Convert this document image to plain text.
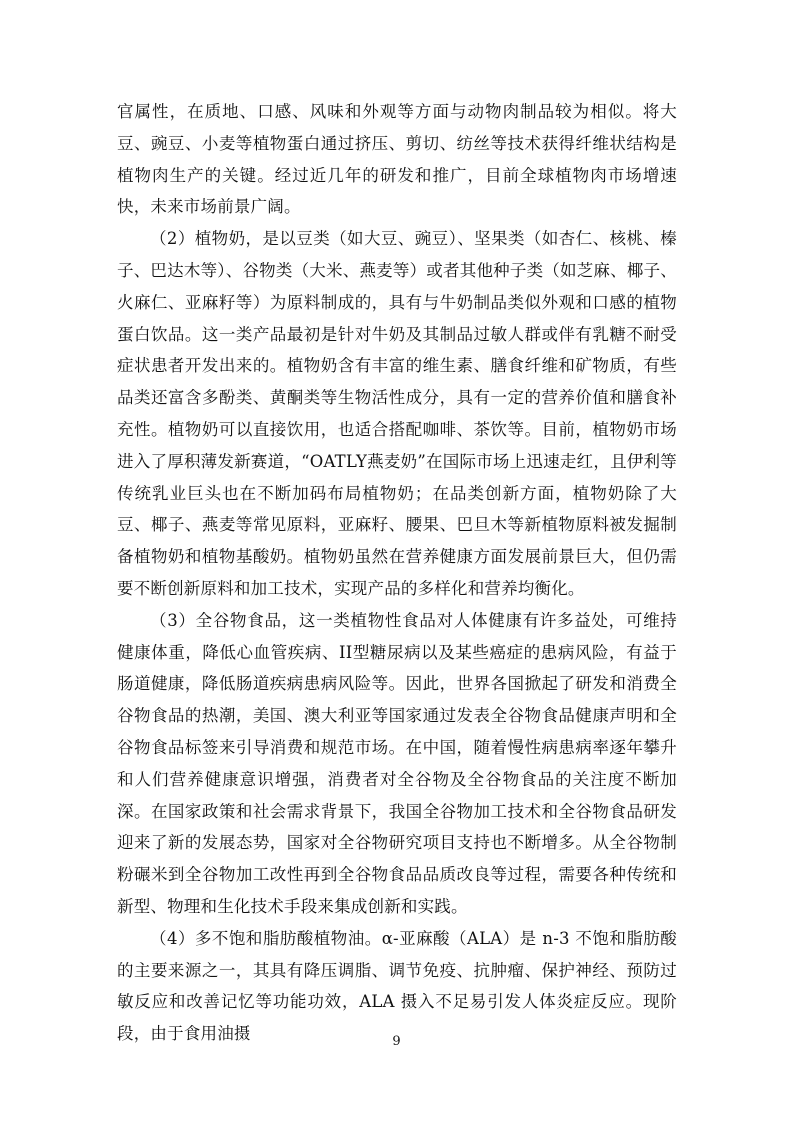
官属性，在质地、口感、风味和外观等方面与动物肉制品较为相似。将大豆、豌豆、小麦等植物蛋白通过挤压、剪切、纺丝等技术获得纤维状结构是植物肉生产的关键。经过近几年的研发和推广，目前全球植物肉市场增速快，未来市场前景广阔。

（2）植物奶，是以豆类（如大豆、豌豆）、坚果类（如杏仁、核桃、榛子、巴达木等）、谷物类（大米、燕麦等）或者其他种子类（如芝麻、椰子、火麻仁、亚麻籽等）为原料制成的，具有与牛奶制品类似外观和口感的植物蛋白饮品。这一类产品最初是针对牛奶及其制品过敏人群或伴有乳糖不耐受症状患者开发出来的。植物奶含有丰富的维生素、膳食纤维和矿物质，有些品类还富含多酚类、黄酮类等生物活性成分，具有一定的营养价值和膳食补充性。植物奶可以直接饮用，也适合搭配咖啡、茶饮等。目前，植物奶市场进入了厚积薄发新赛道，“OATLY燕麦奶”在国际市场上迅速走红，且伊利等传统乳业巨头也在不断加码布局植物奶；在品类创新方面，植物奶除了大豆、椰子、燕麦等常见原料，亚麻籽、腰果、巴旦木等新植物原料被发掘制备植物奶和植物基酸奶。植物奶虽然在营养健康方面发展前景巨大，但仍需要不断创新原料和加工技术，实现产品的多样化和营养均衡化。

（3）全谷物食品，这一类植物性食品对人体健康有许多益处，可维持健康体重，降低心血管疾病、II型糖尿病以及某些癌症的患病风险，有益于肠道健康，降低肠道疾病患病风险等。因此，世界各国掀起了研发和消费全谷物食品的热潮，美国、澳大利亚等国家通过发表全谷物食品健康声明和全谷物食品标签来引导消费和规范市场。在中国，随着慢性病患病率逐年攀升和人们营养健康意识增强，消费者对全谷物及全谷物食品的关注度不断加深。在国家政策和社会需求背景下，我国全谷物加工技术和全谷物食品研发迎来了新的发展态势，国家对全谷物研究项目支持也不断增多。从全谷物制粉碾米到全谷物加工改性再到全谷物食品品质改良等过程，需要各种传统和新型、物理和生化技术手段来集成创新和实践。

（4）多不饱和脂肪酸植物油。α-亚麻酸（ALA）是 n-3 不饱和脂肪酸的主要来源之一，其具有降压调脂、调节免疫、抗肿瘤、保护神经、预防过敏反应和改善记忆等功能功效，ALA 摄入不足易引发人体炎症反应。现阶段，由于食用油摄	9
